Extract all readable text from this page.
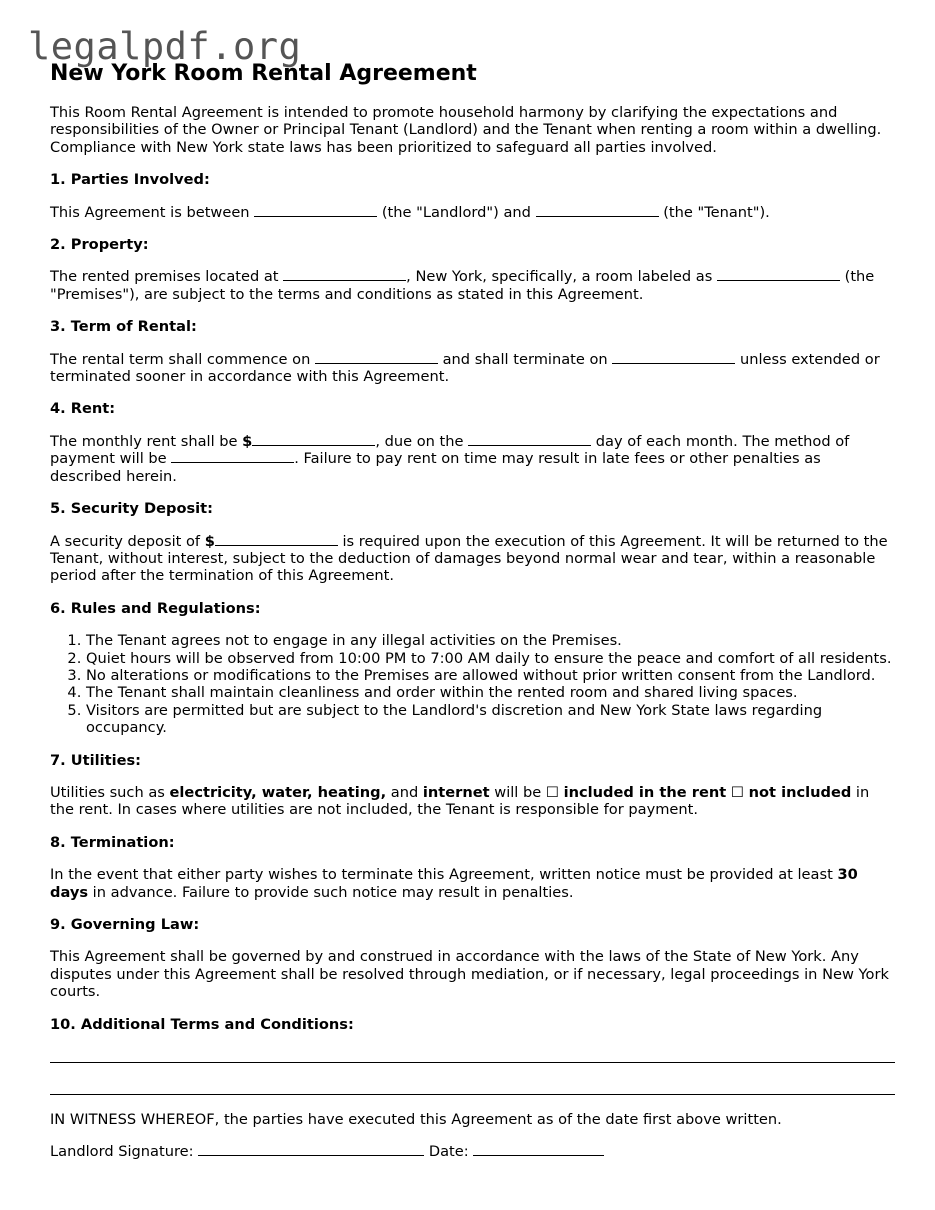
legalpdf.org
New York Room Rental Agreement

This Room Rental Agreement is intended to promote household harmony by clarifying the expectations and responsibilities of the Owner or Principal Tenant (Landlord) and the Tenant when renting a room within a dwelling. Compliance with New York state laws has been prioritized to safeguard all parties involved.

1. Parties Involved:

This Agreement is between	(the "Landlord") and	(the "Tenant").

2. Property:

The rented premises located at	, New York, specifically, a room labeled as	(the "Premises"), are subject to the terms and conditions as stated in this Agreement.

3. Term of Rental:

The rental term shall commence on	and shall terminate on	unless extended or terminated sooner in accordance with this Agreement.

4. Rent:

The monthly rent shall be $	, due on the	day of each month. The method of payment will be	. Failure to pay rent on time may result in late fees or other penalties as described herein.

5. Security Deposit:

A security deposit of $	is required upon the execution of this Agreement. It will be returned to the Tenant, without interest, subject to the deduction of damages beyond normal wear and tear, within a reasonable period after the termination of this Agreement.

6. Rules and Regulations:
1. The Tenant agrees not to engage in any illegal activities on the Premises.
2. Quiet hours will be observed from 10:00 PM to 7:00 AM daily to ensure the peace and comfort of all residents.
3. No alterations or modifications to the Premises are allowed without prior written consent from the Landlord.
4. The Tenant shall maintain cleanliness and order within the rented room and shared living spaces.
5. Visitors are permitted but are subject to the Landlord's discretion and New York State laws regarding occupancy.
7. Utilities:

Utilities such as electricity, water, heating, and internet will be ☐ included in the rent ☐ not included in the rent. In cases where utilities are not included, the Tenant is responsible for payment.

8. Termination:

In the event that either party wishes to terminate this Agreement, written notice must be provided at least 30 days in advance. Failure to provide such notice may result in penalties.

9. Governing Law:

This Agreement shall be governed by and construed in accordance with the laws of the State of New York. Any disputes under this Agreement shall be resolved through mediation, or if necessary, legal proceedings in New York courts.

10. Additional Terms and Conditions:

IN WITNESS WHEREOF, the parties have executed this Agreement as of the date first above written.

Landlord Signature:	Date:
